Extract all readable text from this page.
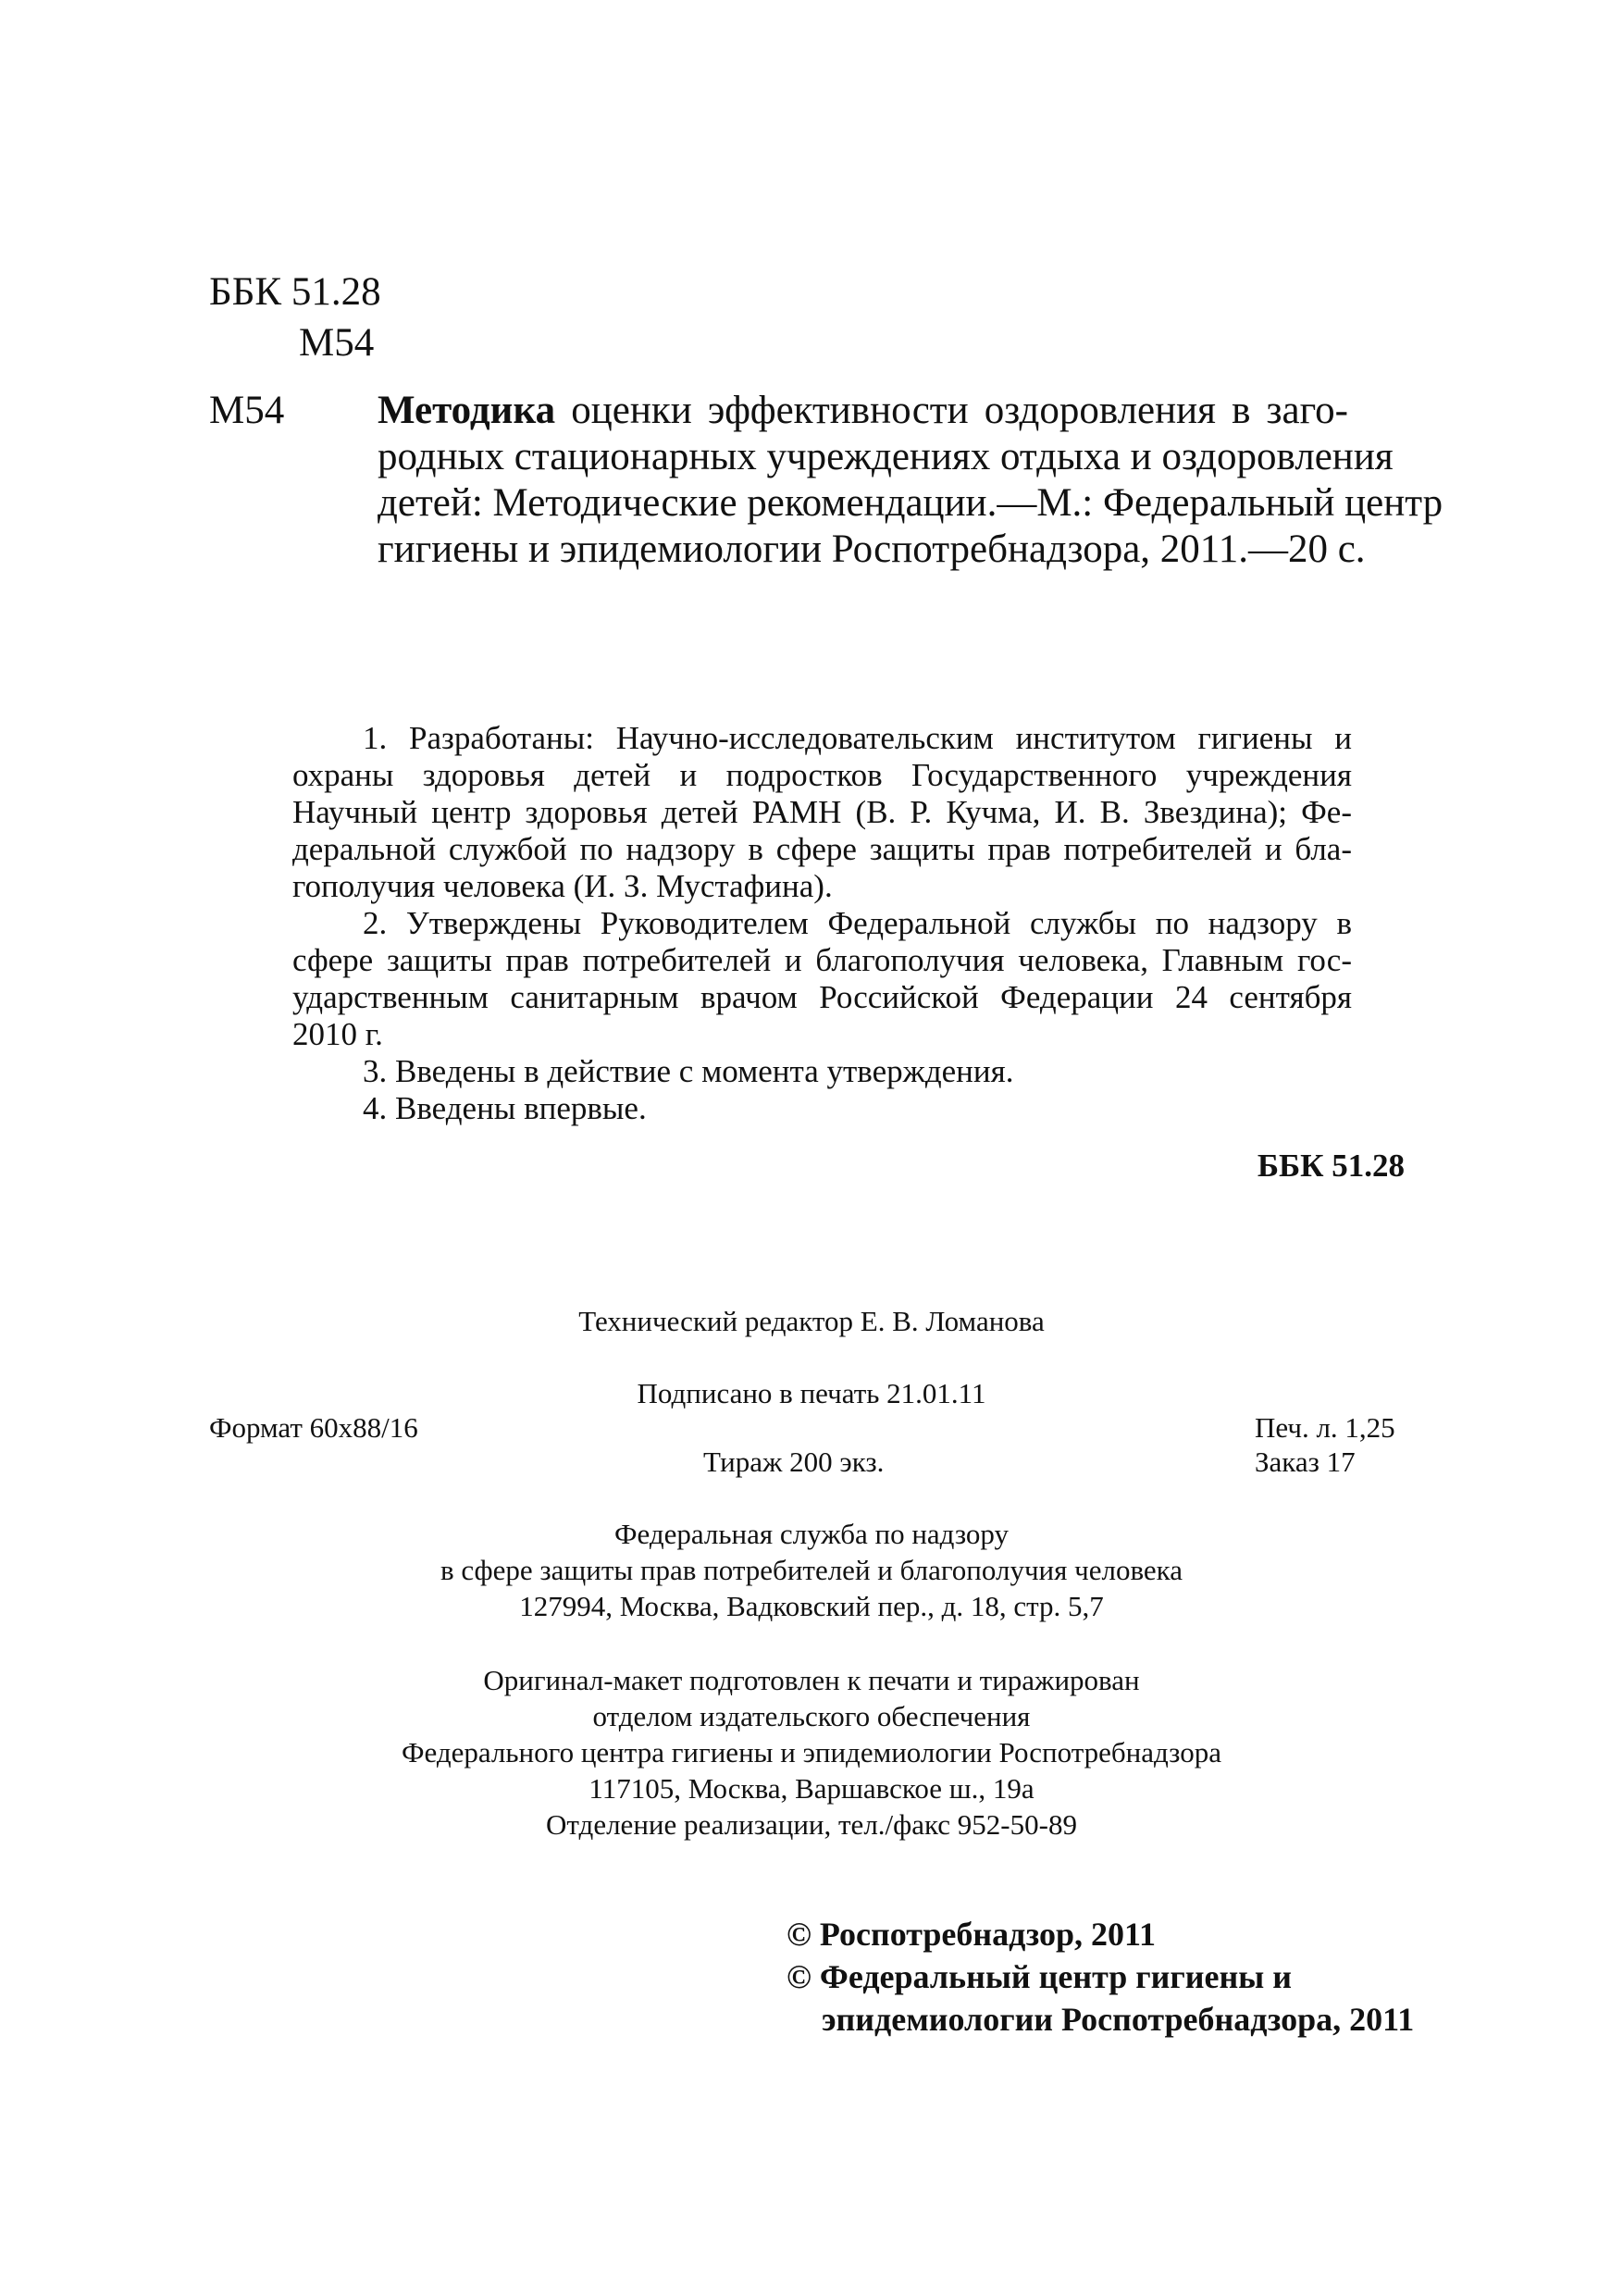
ББК 51.28
М54
М54 Методика оценки эффективности оздоровления в заго-
родных стационарных учреждениях отдыха и оздоровления
детей: Методические рекомендации.—М.: Федеральный центр
гигиены и эпидемиологии Роспотребнадзора, 2011.—20 с.
1. Разработаны: Научно-исследовательским институтом гигиены и
охраны здоровья детей и подростков Государственного учреждения
Научный центр здоровья детей РАМН (В. Р. Кучма, И. В. Звездина); Фе-
деральной службой по надзору в сфере защиты прав потребителей и бла-
гополучия человека (И. З. Мустафина).
2. Утверждены Руководителем Федеральной службы по надзору в
сфере защиты прав потребителей и благополучия человека, Главным гос-
ударственным санитарным врачом Российской Федерации 24 сентября
2010 г.
3. Введены в действие с момента утверждения.
4. Введены впервые.
ББК 51.28
Технический редактор Е. В. Ломанова
Подписано в печать 21.01.11
Формат 60х88/16	Печ. л. 1,25
Тираж 200 экз.	Заказ 17
Федеральная служба по надзору
в сфере защиты прав потребителей и благополучия человека
127994, Москва, Вадковский пер., д. 18, стр. 5,7
Оригинал-макет подготовлен к печати и тиражирован
отделом издательского обеспечения
Федерального центра гигиены и эпидемиологии Роспотребнадзора
117105, Москва, Варшавское ш., 19а
Отделение реализации, тел./факс 952-50-89
© Роспотребнадзор, 2011
© Федеральный центр гигиены и
эпидемиологии Роспотребнадзора, 2011
